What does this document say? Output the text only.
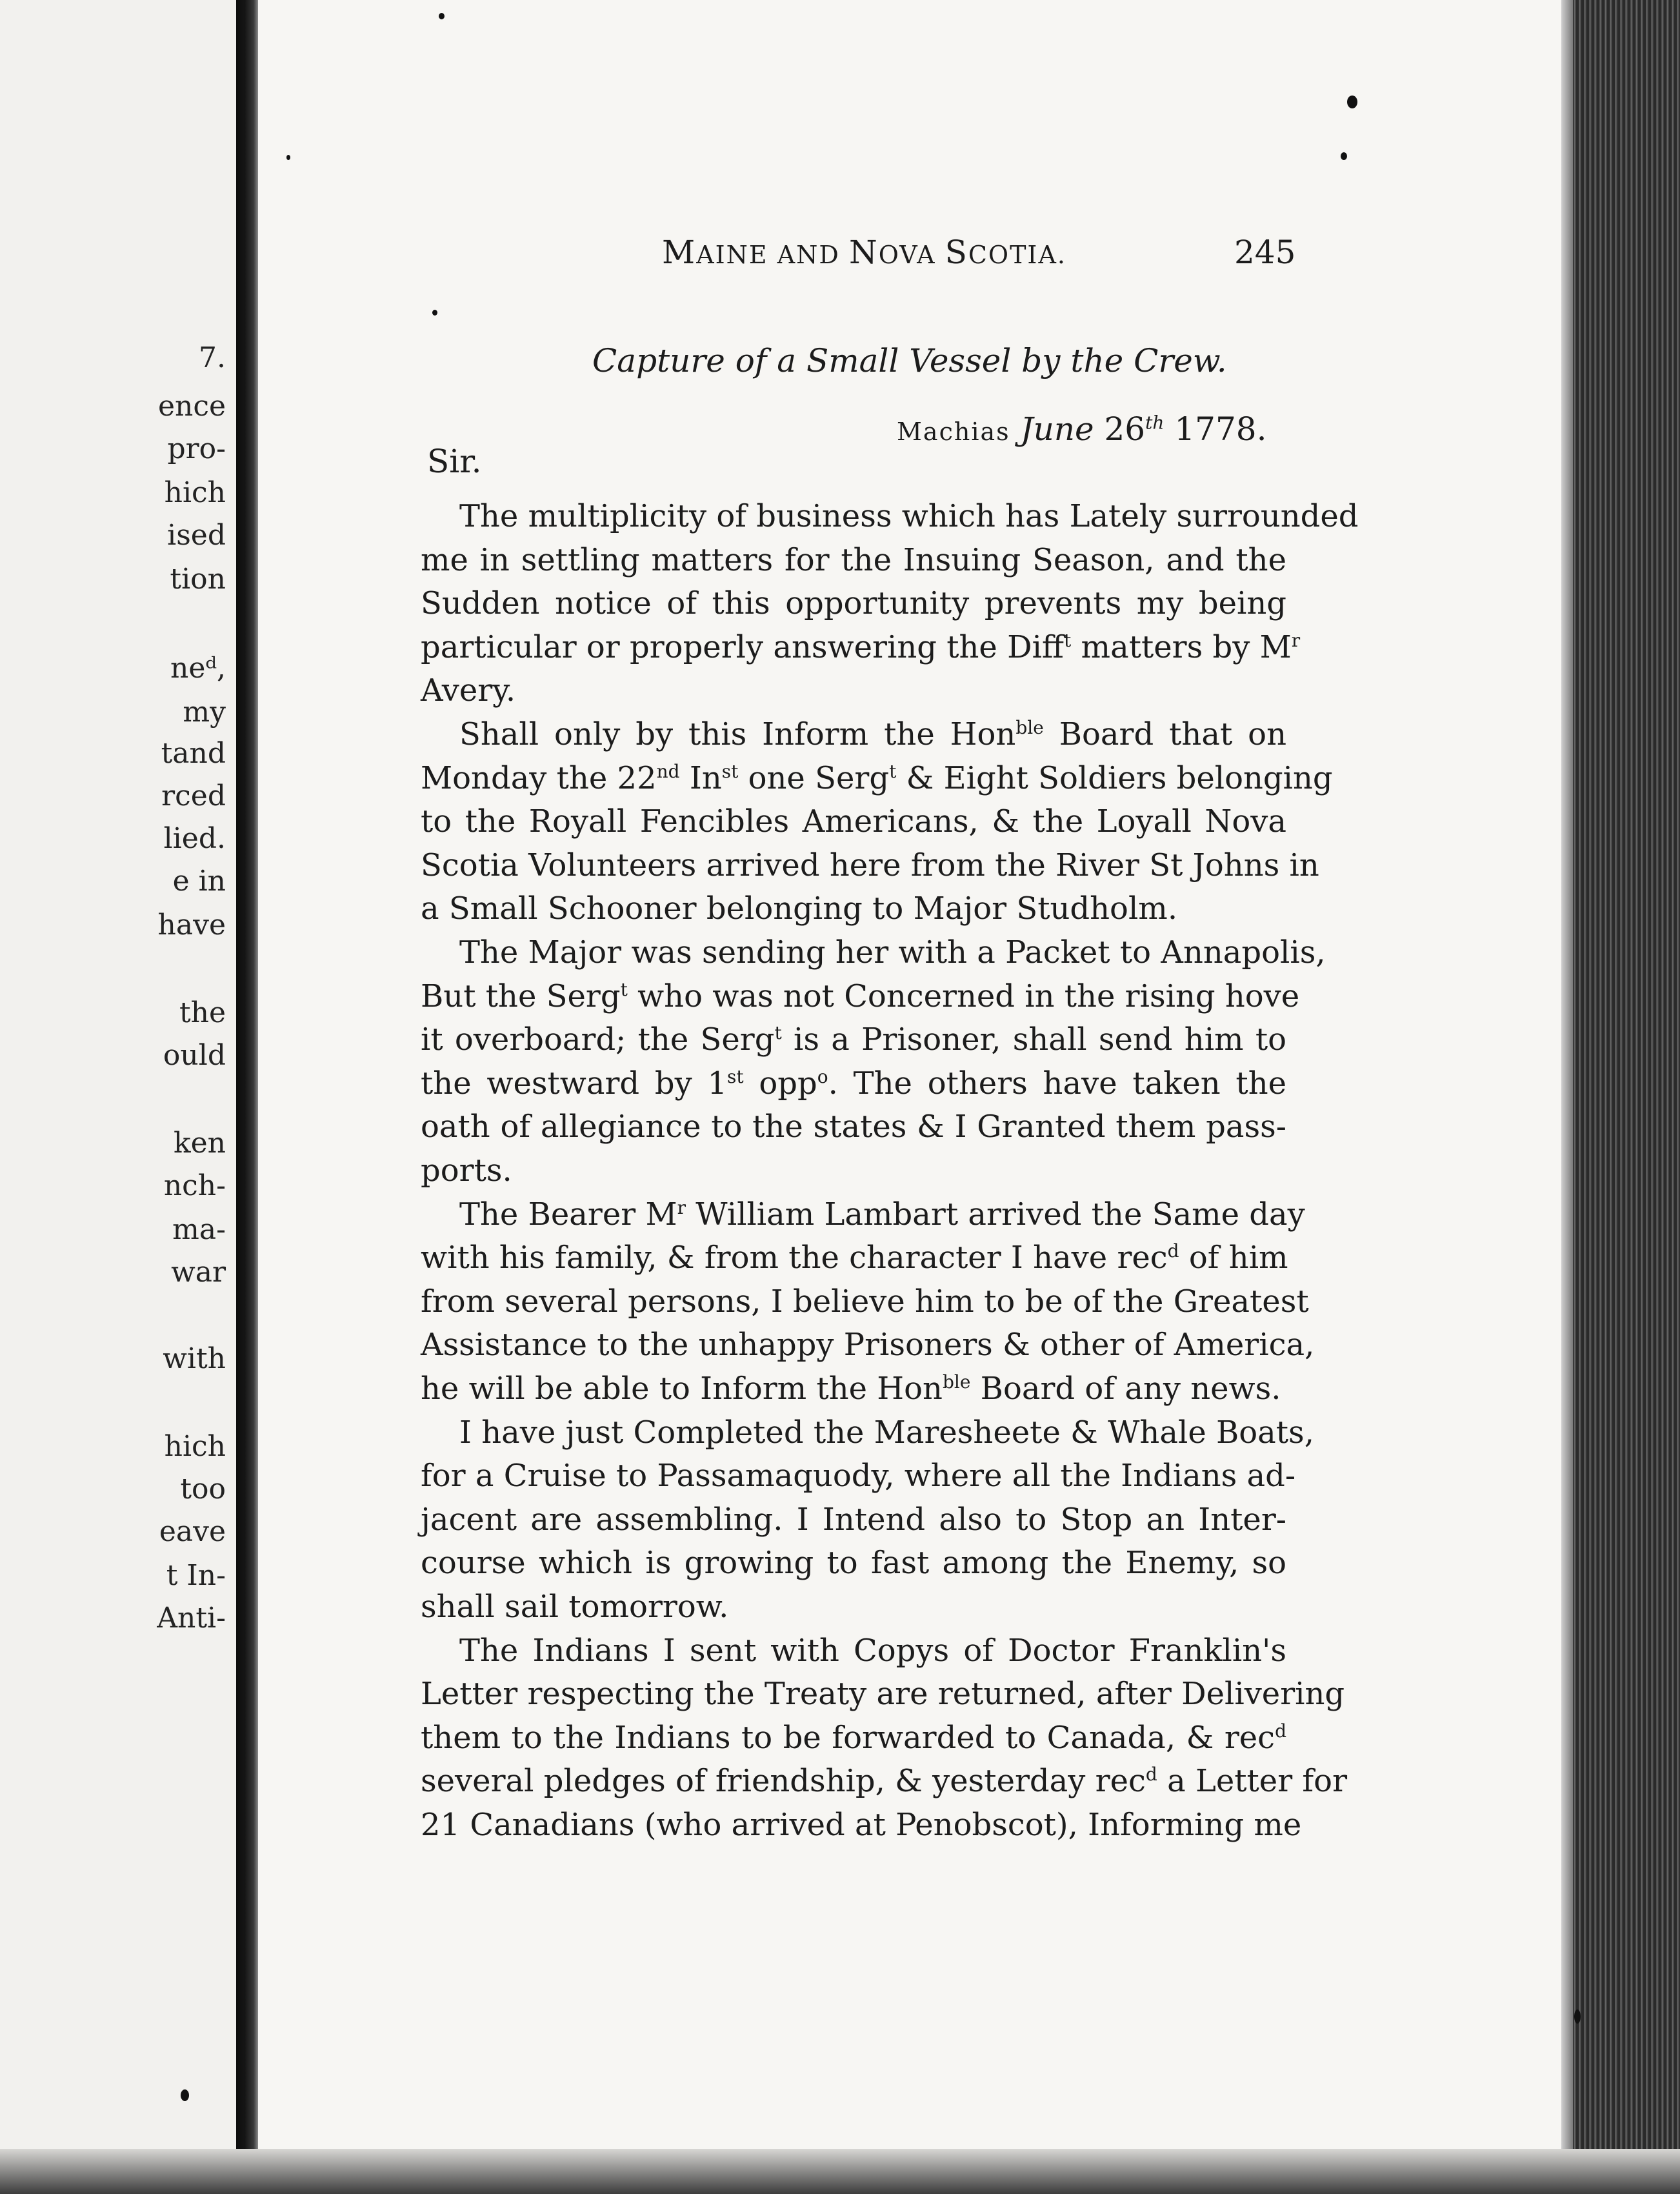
7.
ence
pro-
hich
ised
tion
neᵈ,
my
tand
rced
lied.
e in
have
the
ould
ken
nch-
ma-
war
with
hich
too
eave
t In-
Anti-
MAINE AND NOVA SCOTIA.	245
Capture of a Small Vessel by the Crew.
Machias June 26th 1778.
Sir.
The multiplicity of business which has Lately surrounded
me in settling matters for the Insuing Season, and the
Sudden notice of this opportunity prevents my being
particular or properly answering the Diff$^t$ matters by $M^r$
Avery.
Shall only by this Inform the Hon$^{ble}$ Board that on
Monday the 22nd $In^{st}$ one Serg$^t$ & Eight Soldiers belonging
to the Royall Fencibles Americans, & the Loyall Nova
Scotia Volunteers arrived here from the River St Johns in
a Small Schooner belonging to Major Studholm.
The Major was sending her with a Packet to Annapolis,
But the Serg$^t$ who was not Concerned in the rising hove
it overboard; the Serg$^t$ is a Prisoner, shall send him to
the westward by 1st opp$^o$. The others have taken the
oath of allegiance to the states & I Granted them pass-
ports.
The Bearer $M^r$ William Lambart arrived the Same day
with his family, & from the character I have rec$^d$ of him
from several persons, I believe him to be of the Greatest
Assistance to the unhappy Prisoners & other of America,
he will be able to Inform the Hon$^{ble}$ Board of any news.
I have just Completed the Maresheete & Whale Boats,
for a Cruise to Passamaquody, where all the Indians ad-
jacent are assembling. I Intend also to Stop an Inter-
course which is growing to fast among the Enemy, so
shall sail tomorrow.
The Indians I sent with Copys of Doctor Franklin's
Letter respecting the Treaty are returned, after Delivering
them to the Indians to be forwarded to Canada, & rec$^d$
several pledges of friendship, & yesterday rec$^d$ a Letter for
21 Canadians (who arrived at Penobscot), Informing me
